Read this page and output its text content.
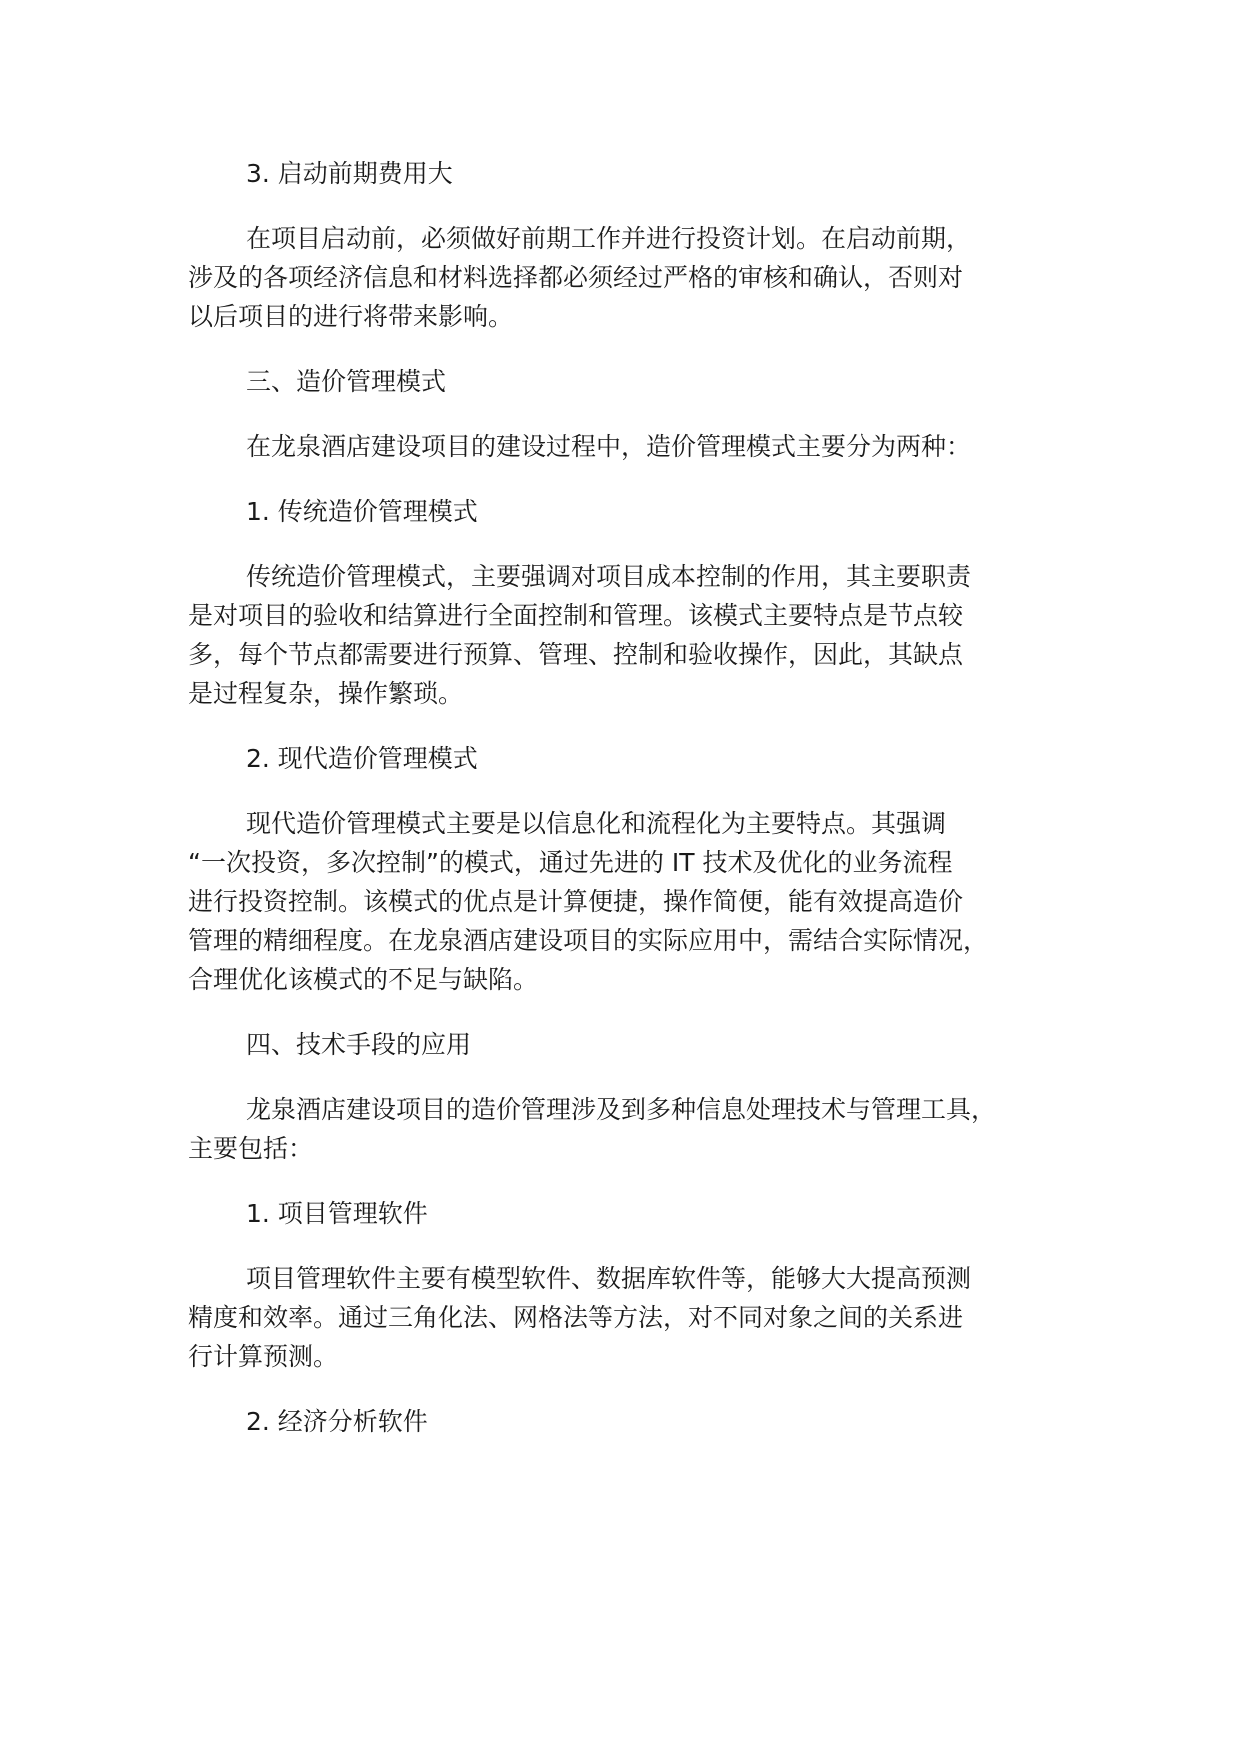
3. 启动前期费用大

在项目启动前，必须做好前期工作并进行投资计划。在启动前期，
涉及的各项经济信息和材料选择都必须经过严格的审核和确认，否则对
以后项目的进行将带来影响。

三、造价管理模式

在龙泉酒店建设项目的建设过程中，造价管理模式主要分为两种：

1. 传统造价管理模式

传统造价管理模式，主要强调对项目成本控制的作用，其主要职责
是对项目的验收和结算进行全面控制和管理。该模式主要特点是节点较
多，每个节点都需要进行预算、管理、控制和验收操作，因此，其缺点
是过程复杂，操作繁琐。

2. 现代造价管理模式

现代造价管理模式主要是以信息化和流程化为主要特点。其强调
“一次投资，多次控制”的模式，通过先进的 IT 技术及优化的业务流程
进行投资控制。该模式的优点是计算便捷，操作简便，能有效提高造价
管理的精细程度。在龙泉酒店建设项目的实际应用中，需结合实际情况，
合理优化该模式的不足与缺陷。

四、技术手段的应用

龙泉酒店建设项目的造价管理涉及到多种信息处理技术与管理工具，
主要包括：

1. 项目管理软件

项目管理软件主要有模型软件、数据库软件等，能够大大提高预测
精度和效率。通过三角化法、网格法等方法，对不同对象之间的关系进
行计算预测。

2. 经济分析软件
